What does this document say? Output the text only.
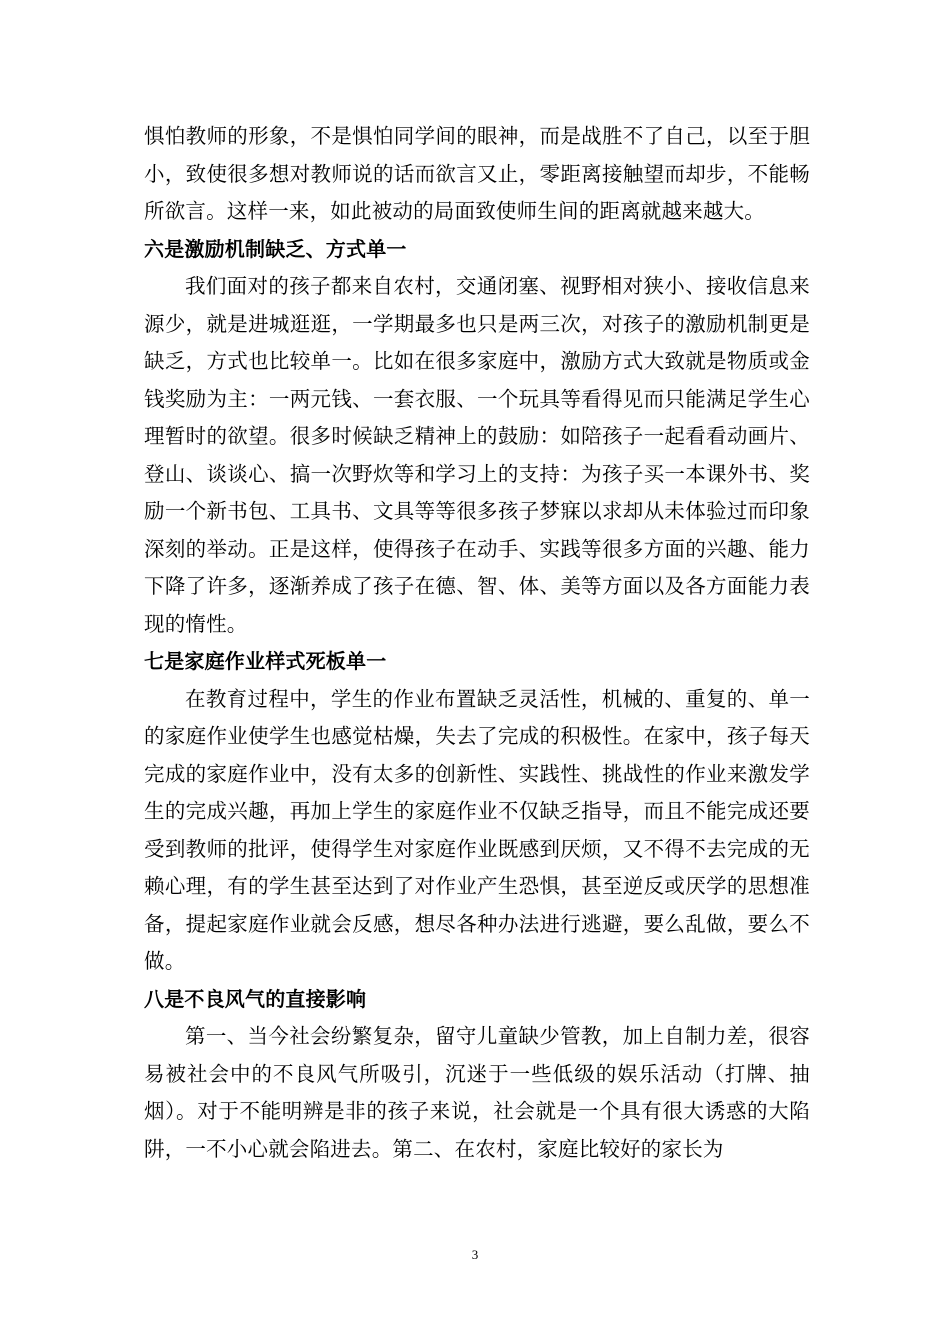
惧怕教师的形象，不是惧怕同学间的眼神，而是战胜不了自己，以至于胆小，致使很多想对教师说的话而欲言又止，零距离接触望而却步，不能畅所欲言。这样一来，如此被动的局面致使师生间的距离就越来越大。

六是激励机制缺乏、方式单一

我们面对的孩子都来自农村，交通闭塞、视野相对狭小、接收信息来源少，就是进城逛逛，一学期最多也只是两三次，对孩子的激励机制更是缺乏，方式也比较单一。比如在很多家庭中，激励方式大致就是物质或金钱奖励为主：一两元钱、一套衣服、一个玩具等看得见而只能满足学生心理暂时的欲望。很多时候缺乏精神上的鼓励：如陪孩子一起看看动画片、登山、谈谈心、搞一次野炊等和学习上的支持：为孩子买一本课外书、奖励一个新书包、工具书、文具等等很多孩子梦寐以求却从未体验过而印象深刻的举动。正是这样，使得孩子在动手、实践等很多方面的兴趣、能力下降了许多，逐渐养成了孩子在德、智、体、美等方面以及各方面能力表现的惰性。

七是家庭作业样式死板单一

在教育过程中，学生的作业布置缺乏灵活性，机械的、重复的、单一的家庭作业使学生也感觉枯燥，失去了完成的积极性。在家中，孩子每天完成的家庭作业中，没有太多的创新性、实践性、挑战性的作业来激发学生的完成兴趣，再加上学生的家庭作业不仅缺乏指导，而且不能完成还要受到教师的批评，使得学生对家庭作业既感到厌烦，又不得不去完成的无赖心理，有的学生甚至达到了对作业产生恐惧，甚至逆反或厌学的思想准备，提起家庭作业就会反感，想尽各种办法进行逃避，要么乱做，要么不做。

八是不良风气的直接影响

第一、当今社会纷繁复杂，留守儿童缺少管教，加上自制力差，很容易被社会中的不良风气所吸引，沉迷于一些低级的娱乐活动（打牌、抽烟）。对于不能明辨是非的孩子来说，社会就是一个具有很大诱惑的大陷阱，一不小心就会陷进去。第二、在农村，家庭比较好的家长为

3
